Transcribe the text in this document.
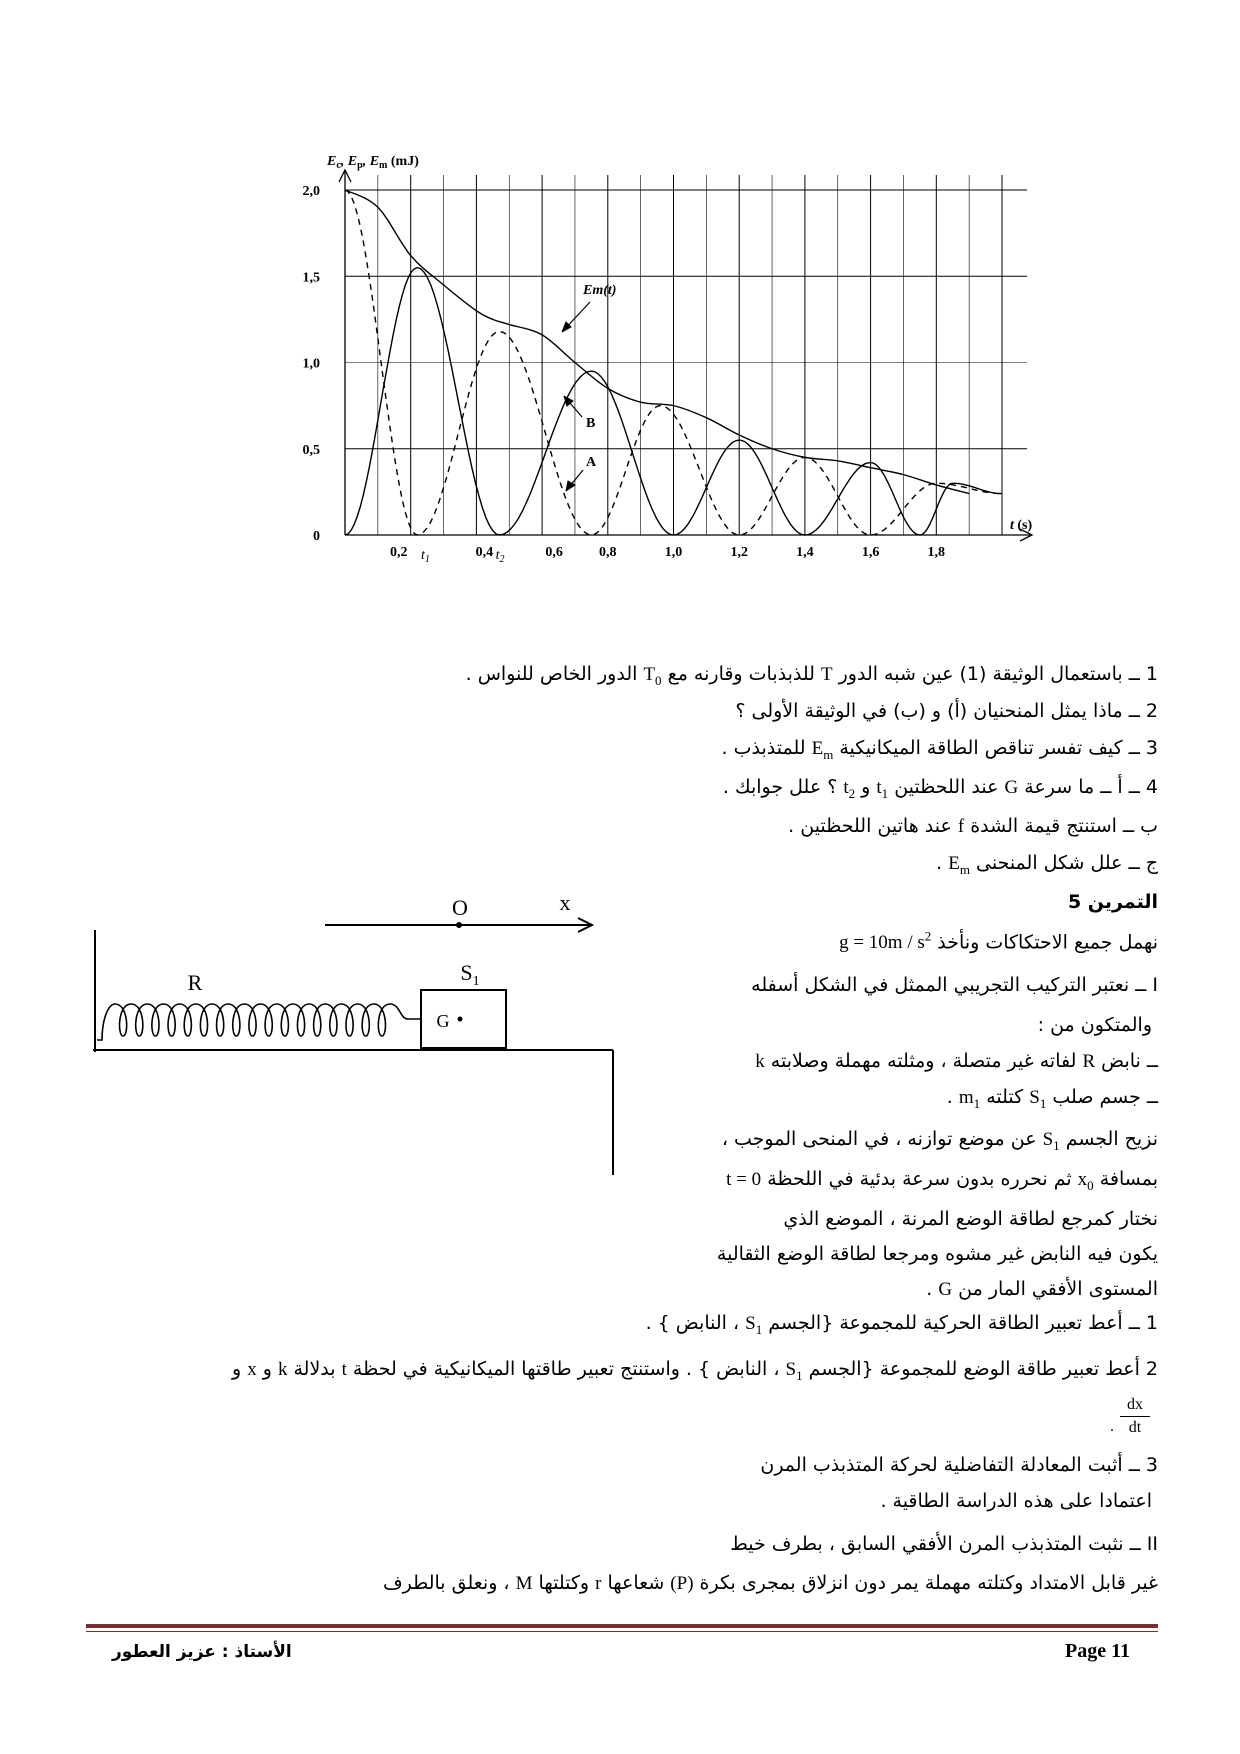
2,0
1,5
1,0
0,5
0
0,2	0,4	0,6	0,8	1,0	1,2	1,4	1,6	1,8
$t_1$	$t_2$
$E_c$, $E_p$, $E_m$ (mJ)
t (s)
Em(t)
B
A
1 ــ باستعمال الوثيقة (1) عين شبه الدور T للذبذبات وقارنه مع $T_0$ الدور الخاص للنواس .
2 ــ ماذا يمثل المنحنيان (أ) و (ب) في الوثيقة الأولى ؟
3 ــ كيف تفسر تناقص الطاقة الميكانيكية $E_m$ للمتذبذب .
4 ــ أ ــ ما سرعة G عند اللحظتين $t_1$ و $t_2$ ؟ علل جوابك .
ب ــ استنتج قيمة الشدة f عند هاتين اللحظتين .
ج ــ علل شكل المنحنى $E_m$ .
التمرين 5
نهمل جميع الاحتكاكات ونأخذ $g = 10m / s^2$
I ــ نعتبر التركيب التجريبي الممثل في الشكل أسفله
والمتكون من :
ــ نابض R لفاته غير متصلة ، ومثلته مهملة وصلابته k
ــ جسم صلب $S_1$ كتلته $m_1$ .
نزيح الجسم $S_1$ عن موضع توازنه ، في المنحى الموجب ،
بمسافة $x_0$ ثم نحرره بدون سرعة بدئية في اللحظة t = 0
نختار كمرجع لطاقة الوضع المرنة ، الموضع الذي
يكون فيه النابض غير مشوه ومرجعا لطاقة الوضع الثقالية
المستوى الأفقي المار من G .
1 ــ أعط تعبير الطاقة الحركية للمجموعة {الجسم $S_1$ ، النابض } .
2 أعط تعبير طاقة الوضع للمجموعة {الجسم $S_1$ ، النابض } . واستنتج تعبير طاقتها الميكانيكية في لحظة t بدلالة k و x و
dx
dt
.
3 ــ أثبت المعادلة التفاضلية لحركة المتذبذب المرن
اعتمادا على هذه الدراسة الطاقية .
II ــ نثبت المتذبذب المرن الأفقي السابق ، بطرف خيط
غير قابل الامتداد وكتلته مهملة يمر دون انزلاق بمجرى بكرة (P) شعاعها r وكتلتها M ، ونعلق بالطرف
O	x
R	$S_1$
G
Page 11
الأستاذ : عزيز العطور
